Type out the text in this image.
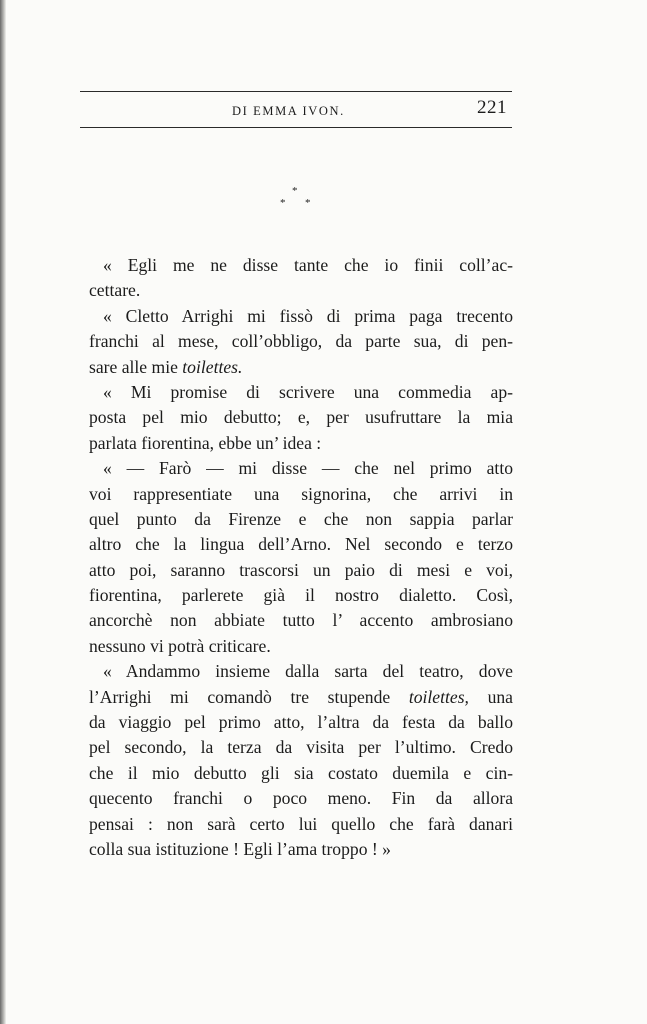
DI EMMA IVON.	221
*
* *
« Egli me ne disse tante che io finii coll’ac-
cettare.
« Cletto Arrighi mi fissò di prima paga trecento
franchi al mese, coll’obbligo, da parte sua, di pen-
sare alle mie toilettes.
« Mi promise di scrivere una commedia ap-
posta pel mio debutto; e, per usufruttare la mia
parlata fiorentina, ebbe un’ idea :
« — Farò — mi disse — che nel primo atto
voi rappresentiate una signorina, che arrivi in
quel punto da Firenze e che non sappia parlar
altro che la lingua dell’Arno. Nel secondo e terzo
atto poi, saranno trascorsi un paio di mesi e voi,
fiorentina, parlerete già il nostro dialetto. Così,
ancorchè non abbiate tutto l’ accento ambrosiano
nessuno vi potrà criticare.
« Andammo insieme dalla sarta del teatro, dove
l’Arrighi mi comandò tre stupende toilettes, una
da viaggio pel primo atto, l’altra da festa da ballo
pel secondo, la terza da visita per l’ultimo. Credo
che il mio debutto gli sia costato duemila e cin-
quecento franchi o poco meno. Fin da allora
pensai : non sarà certo lui quello che farà danari
colla sua istituzione ! Egli l’ama troppo ! »
